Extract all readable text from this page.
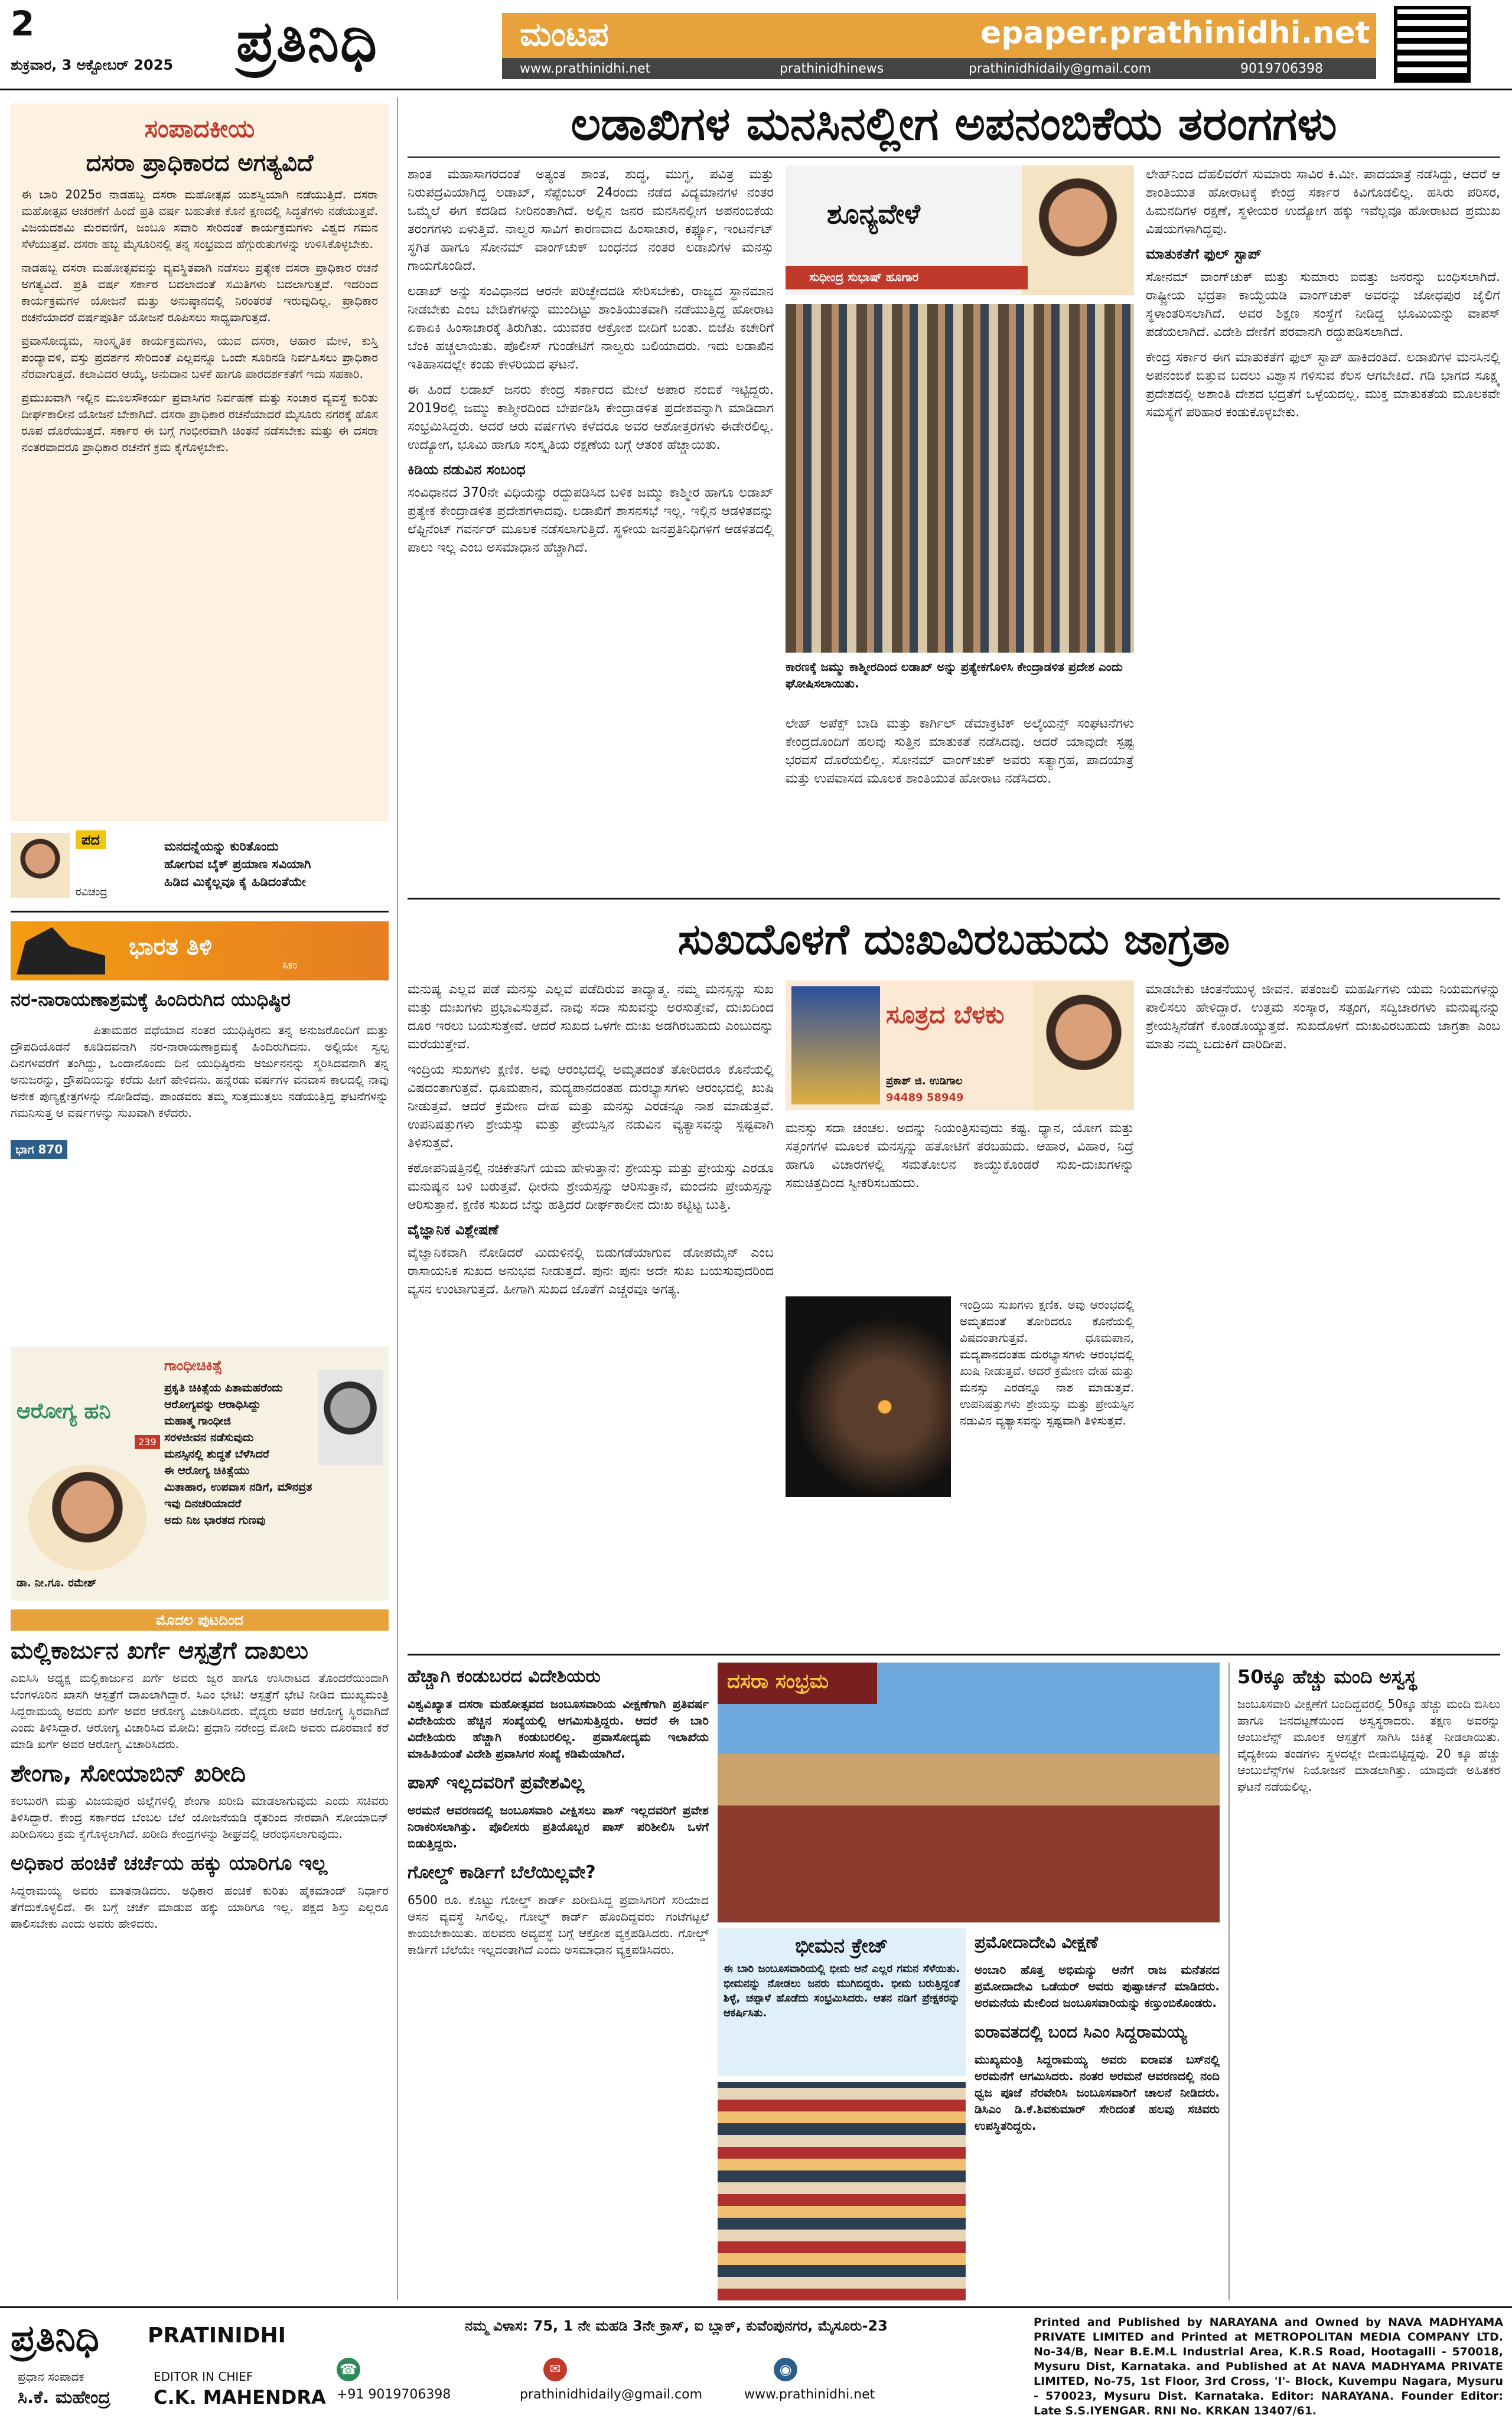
2
ಶುಕ್ರವಾರ, 3 ಅಕ್ಟೋಬರ್ 2025	ಪ್ರತಿನಿಧಿ	ಮಂಟಪ	epaper.prathinidhi.net
www.prathinidhi.net	prathinidhinews	prathinidhidaily@gmail.com	9019706398
ಸಂಪಾದಕೀಯ
ದಸರಾ ಪ್ರಾಧಿಕಾರದ ಅಗತ್ಯವಿದೆ

ಈ ಬಾರಿ 2025ರ ನಾಡಹಬ್ಬ ದಸರಾ ಮಹೋತ್ಸವ ಯಶಸ್ವಿಯಾಗಿ ನಡೆಯುತ್ತಿದೆ. ದಸರಾ ಮಹೋತ್ಸವ ಆಚರಣೆಗೆ ಹಿಂದೆ ಪ್ರತಿ ವರ್ಷ ಬಹುತೇಕ ಕೊನೆ ಕ್ಷಣದಲ್ಲಿ ಸಿದ್ಧತೆಗಳು ನಡೆಯುತ್ತವೆ. ವಿಜಯದಶಮಿ ಮೆರವಣಿಗೆ, ಜಂಬೂ ಸವಾರಿ ಸೇರಿದಂತೆ ಕಾರ್ಯಕ್ರಮಗಳು ವಿಶ್ವದ ಗಮನ ಸೆಳೆಯುತ್ತವೆ. ದಸರಾ ಹಬ್ಬ ಮೈಸೂರಿನಲ್ಲಿ ತನ್ನ ಸಂಭ್ರಮದ ಹೆಗ್ಗುರುತುಗಳನ್ನು ಉಳಿಸಿಕೊಳ್ಳಬೇಕು.

ನಾಡಹಬ್ಬ ದಸರಾ ಮಹೋತ್ಸವವನ್ನು ವ್ಯವಸ್ಥಿತವಾಗಿ ನಡೆಸಲು ಪ್ರತ್ಯೇಕ ದಸರಾ ಪ್ರಾಧಿಕಾರ ರಚನೆ ಅಗತ್ಯವಿದೆ. ಪ್ರತಿ ವರ್ಷ ಸರ್ಕಾರ ಬದಲಾದಂತೆ ಸಮಿತಿಗಳು ಬದಲಾಗುತ್ತವೆ. ಇದರಿಂದ ಕಾರ್ಯಕ್ರಮಗಳ ಯೋಜನೆ ಮತ್ತು ಅನುಷ್ಠಾನದಲ್ಲಿ ನಿರಂತರತೆ ಇರುವುದಿಲ್ಲ. ಪ್ರಾಧಿಕಾರ ರಚನೆಯಾದರೆ ವರ್ಷಪೂರ್ತಿ ಯೋಜನೆ ರೂಪಿಸಲು ಸಾಧ್ಯವಾಗುತ್ತದೆ.

ಪ್ರವಾಸೋದ್ಯಮ, ಸಾಂಸ್ಕೃತಿಕ ಕಾರ್ಯಕ್ರಮಗಳು, ಯುವ ದಸರಾ, ಆಹಾರ ಮೇಳ, ಕುಸ್ತಿ ಪಂದ್ಯಾವಳಿ, ವಸ್ತು ಪ್ರದರ್ಶನ ಸೇರಿದಂತೆ ಎಲ್ಲವನ್ನೂ ಒಂದೇ ಸೂರಿನಡಿ ನಿರ್ವಹಿಸಲು ಪ್ರಾಧಿಕಾರ ನೆರವಾಗುತ್ತದೆ. ಕಲಾವಿದರ ಆಯ್ಕೆ, ಅನುದಾನ ಬಳಕೆ ಹಾಗೂ ಪಾರದರ್ಶಕತೆಗೆ ಇದು ಸಹಕಾರಿ.

ಪ್ರಮುಖವಾಗಿ ಇಲ್ಲಿನ ಮೂಲಸೌಕರ್ಯ ಪ್ರವಾಸಿಗರ ನಿರ್ವಹಣೆ ಮತ್ತು ಸಂಚಾರ ವ್ಯವಸ್ಥೆ ಕುರಿತು ದೀರ್ಘಕಾಲೀನ ಯೋಜನೆ ಬೇಕಾಗಿದೆ. ದಸರಾ ಪ್ರಾಧಿಕಾರ ರಚನೆಯಾದರೆ ಮೈಸೂರು ನಗರಕ್ಕೆ ಹೊಸ ರೂಪ ದೊರೆಯುತ್ತದೆ. ಸರ್ಕಾರ ಈ ಬಗ್ಗೆ ಗಂಭೀರವಾಗಿ ಚಿಂತನೆ ನಡೆಸಬೇಕು ಮತ್ತು ಈ ದಸರಾ ನಂತರವಾದರೂ ಪ್ರಾಧಿಕಾರ ರಚನೆಗೆ ಕ್ರಮ ಕೈಗೊಳ್ಳಬೇಕು.

ಪದ
ರವಿಚಂದ್ರ
ಮನದನ್ನೆಯನ್ನು ಕುರಿತೊಂದು
ಹೋಗುವ ಬೈಕ್ ಪ್ರಯಾಣ ಸವಿಯಾಗಿ
ಹಿಡಿದ ಮಿಕ್ಕೆಲ್ಲವೂ ಕೈ ಹಿಡಿದಂತೆಯೇ
ಭಾರತ ತಿಳಿ
ಸಿಕಂ
ನರ-ನಾರಾಯಣಾಶ್ರಮಕ್ಕೆ ಹಿಂದಿರುಗಿದ ಯುಧಿಷ್ಠಿರ
ಭಾಗ 870

ಪಿತಾಮಹರ ವಧೆಯಾದ ನಂತರ ಯುಧಿಷ್ಠಿರನು ತನ್ನ ಅನುಜರೊಂದಿಗೆ ಮತ್ತು ದ್ರೌಪದಿಯೊಡನೆ ಕೂಡಿದವನಾಗಿ ನರ-ನಾರಾಯಣಾಶ್ರಮಕ್ಕೆ ಹಿಂದಿರುಗಿದನು. ಅಲ್ಲಿಯೇ ಸ್ವಲ್ಪ ದಿನಗಳವರೆಗೆ ತಂಗಿದ್ದು, ಒಂದಾನೊಂದು ದಿನ ಯುಧಿಷ್ಠಿರನು ಅರ್ಜುನನನ್ನು ಸ್ಮರಿಸಿದವನಾಗಿ ತನ್ನ ಅನುಜರನ್ನು, ದ್ರೌಪದಿಯನ್ನು ಕರೆದು ಹೀಗೆ ಹೇಳಿದನು. ಹನ್ನೆರಡು ವರ್ಷಗಳ ವನವಾಸ ಕಾಲದಲ್ಲಿ ನಾವು ಅನೇಕ ಪುಣ್ಯಕ್ಷೇತ್ರಗಳನ್ನು ನೋಡಿದೆವು. ಪಾಂಡವರು ತಮ್ಮ ಸುತ್ತಮುತ್ತಲು ನಡೆಯುತ್ತಿದ್ದ ಘಟನೆಗಳನ್ನು ಗಮನಿಸುತ್ತ ಆ ವರ್ಷಗಳನ್ನು ಸುಖವಾಗಿ ಕಳೆದರು.

ಆರೋಗ್ಯ ಹನಿ
239
ಡಾ. ನೀ.ಗೂ. ರಮೇಶ್
ಗಾಂಧೀಚಿಕಿತ್ಸೆ
ಪ್ರಕೃತಿ ಚಿಕಿತ್ಸೆಯ ಪಿತಾಮಹರೆಂದು
ಆರೋಗ್ಯವನ್ನು ಆರಾಧಿಸಿದ್ದು
ಮಹಾತ್ಮ ಗಾಂಧೀಜಿ
ಸರಳಜೀವನ ನಡೆಸುವುದು
ಮನಸ್ಸಿನಲ್ಲಿ ಶುದ್ಧತೆ ಬೆಳೆಸಿದರೆ
ಈ ಆರೋಗ್ಯ ಚಿಕಿತ್ಸೆಯು
ಮಿತಾಹಾರ, ಉಪವಾಸ ನಡಿಗೆ, ಮೌನವ್ರತ
ಇವು ದಿನಚರಿಯಾದರೆ
ಅದು ನಿಜ ಭಾರತದ ಗುಣವು
ಮೊದಲ ಪುಟದಿಂದ
ಮಲ್ಲಿಕಾರ್ಜುನ ಖರ್ಗೆ ಆಸ್ಪತ್ರೆಗೆ ದಾಖಲು

ಎಐಸಿಸಿ ಅಧ್ಯಕ್ಷ ಮಲ್ಲಿಕಾರ್ಜುನ ಖರ್ಗೆ ಅವರು ಜ್ವರ ಹಾಗೂ ಉಸಿರಾಟದ ತೊಂದರೆಯಿಂದಾಗಿ ಬೆಂಗಳೂರಿನ ಖಾಸಗಿ ಆಸ್ಪತ್ರೆಗೆ ದಾಖಲಾಗಿದ್ದಾರೆ. ಸಿಎಂ ಭೇಟಿ: ಆಸ್ಪತ್ರೆಗೆ ಭೇಟಿ ನೀಡಿದ ಮುಖ್ಯಮಂತ್ರಿ ಸಿದ್ದರಾಮಯ್ಯ ಅವರು ಖರ್ಗೆ ಅವರ ಆರೋಗ್ಯ ವಿಚಾರಿಸಿದರು. ವೈದ್ಯರು ಅವರ ಆರೋಗ್ಯ ಸ್ಥಿರವಾಗಿದೆ ಎಂದು ತಿಳಿಸಿದ್ದಾರೆ. ಆರೋಗ್ಯ ವಿಚಾರಿಸಿದ ಮೋದಿ: ಪ್ರಧಾನಿ ನರೇಂದ್ರ ಮೋದಿ ಅವರು ದೂರವಾಣಿ ಕರೆ ಮಾಡಿ ಖರ್ಗೆ ಅವರ ಆರೋಗ್ಯ ವಿಚಾರಿಸಿದರು.

ಶೇಂಗಾ, ಸೋಯಾಬಿನ್ ಖರೀದಿ

ಕಲಬುರಗಿ ಮತ್ತು ವಿಜಯಪುರ ಜಿಲ್ಲೆಗಳಲ್ಲಿ ಶೇಂಗಾ ಖರೀದಿ ಮಾಡಲಾಗುವುದು ಎಂದು ಸಚಿವರು ತಿಳಿಸಿದ್ದಾರೆ. ಕೇಂದ್ರ ಸರ್ಕಾರದ ಬೆಂಬಲ ಬೆಲೆ ಯೋಜನೆಯಡಿ ರೈತರಿಂದ ನೇರವಾಗಿ ಸೋಯಾಬಿನ್ ಖರೀದಿಸಲು ಕ್ರಮ ಕೈಗೊಳ್ಳಲಾಗಿದೆ. ಖರೀದಿ ಕೇಂದ್ರಗಳನ್ನು ಶೀಘ್ರದಲ್ಲಿ ಆರಂಭಿಸಲಾಗುವುದು.

ಅಧಿಕಾರ ಹಂಚಿಕೆ ಚರ್ಚೆಯ ಹಕ್ಕು ಯಾರಿಗೂ ಇಲ್ಲ

ಸಿದ್ದರಾಮಯ್ಯ ಅವರು ಮಾತನಾಡಿದರು. ಅಧಿಕಾರ ಹಂಚಿಕೆ ಕುರಿತು ಹೈಕಮಾಂಡ್ ನಿರ್ಧಾರ ತೆಗೆದುಕೊಳ್ಳಲಿದೆ. ಈ ಬಗ್ಗೆ ಚರ್ಚೆ ಮಾಡುವ ಹಕ್ಕು ಯಾರಿಗೂ ಇಲ್ಲ. ಪಕ್ಷದ ಶಿಸ್ತು ಎಲ್ಲರೂ ಪಾಲಿಸಬೇಕು ಎಂದು ಅವರು ಹೇಳಿದರು.

ಲಡಾಖಿಗಳ ಮನಸಿನಲ್ಲೀಗ ಅಪನಂಬಿಕೆಯ ತರಂಗಗಳು

ಶಾಂತ ಮಹಾಸಾಗರದಂತೆ ಅತ್ಯಂತ ಶಾಂತ, ಶುದ್ಧ, ಮುಗ್ಧ, ಪವಿತ್ರ ಮತ್ತು ನಿರುಪದ್ರವಿಯಾಗಿದ್ದ ಲಡಾಖ್, ಸೆಪ್ಟೆಂಬರ್ 24ರಂದು ನಡೆದ ವಿದ್ಯಮಾನಗಳ ನಂತರ ಒಮ್ಮೆಲೆ ಈಗ ಕದಡಿದ ನೀರಿನಂತಾಗಿದೆ. ಅಲ್ಲಿನ ಜನರ ಮನಸಿನಲ್ಲೀಗ ಅಪನಂಬಿಕೆಯ ತರಂಗಗಳು ಏಳುತ್ತಿವೆ. ನಾಲ್ವರ ಸಾವಿಗೆ ಕಾರಣವಾದ ಹಿಂಸಾಚಾರ, ಕರ್ಫ್ಯೂ, ಇಂಟರ್ನೆಟ್ ಸ್ಥಗಿತ ಹಾಗೂ ಸೋನಮ್ ವಾಂಗ್‌ಚುಕ್ ಬಂಧನದ ನಂತರ ಲಡಾಖಿಗಳ ಮನಸ್ಸು ಗಾಯಗೊಂಡಿದೆ.

ಲಡಾಖ್ ಅನ್ನು ಸಂವಿಧಾನದ ಆರನೇ ಪರಿಚ್ಛೇದದಡಿ ಸೇರಿಸಬೇಕು, ರಾಜ್ಯದ ಸ್ಥಾನಮಾನ ನೀಡಬೇಕು ಎಂಬ ಬೇಡಿಕೆಗಳನ್ನು ಮುಂದಿಟ್ಟು ಶಾಂತಿಯುತವಾಗಿ ನಡೆಯುತ್ತಿದ್ದ ಹೋರಾಟ ಏಕಾಏಕಿ ಹಿಂಸಾಚಾರಕ್ಕೆ ತಿರುಗಿತು. ಯುವಕರ ಆಕ್ರೋಶ ಬೀದಿಗೆ ಬಂತು. ಬಿಜೆಪಿ ಕಚೇರಿಗೆ ಬೆಂಕಿ ಹಚ್ಚಲಾಯಿತು. ಪೊಲೀಸ್ ಗುಂಡೇಟಿಗೆ ನಾಲ್ವರು ಬಲಿಯಾದರು. ಇದು ಲಡಾಖಿನ ಇತಿಹಾಸದಲ್ಲೇ ಕಂಡು ಕೇಳರಿಯದ ಘಟನೆ.

ಈ ಹಿಂದೆ ಲಡಾಖ್ ಜನರು ಕೇಂದ್ರ ಸರ್ಕಾರದ ಮೇಲೆ ಅಪಾರ ನಂಬಿಕೆ ಇಟ್ಟಿದ್ದರು. 2019ರಲ್ಲಿ ಜಮ್ಮು ಕಾಶ್ಮೀರದಿಂದ ಬೇರ್ಪಡಿಸಿ ಕೇಂದ್ರಾಡಳಿತ ಪ್ರದೇಶವನ್ನಾಗಿ ಮಾಡಿದಾಗ ಸಂಭ್ರಮಿಸಿದ್ದರು. ಆದರೆ ಆರು ವರ್ಷಗಳು ಕಳೆದರೂ ಅವರ ಆಶೋತ್ತರಗಳು ಈಡೇರಲಿಲ್ಲ. ಉದ್ಯೋಗ, ಭೂಮಿ ಹಾಗೂ ಸಂಸ್ಕೃತಿಯ ರಕ್ಷಣೆಯ ಬಗ್ಗೆ ಆತಂಕ ಹೆಚ್ಚಾಯಿತು.

ಕಿಡಿಯ ನಡುವಿನ ಸಂಬಂಧ

ಸಂವಿಧಾನದ 370ನೇ ವಿಧಿಯನ್ನು ರದ್ದುಪಡಿಸಿದ ಬಳಿಕ ಜಮ್ಮು ಕಾಶ್ಮೀರ ಹಾಗೂ ಲಡಾಖ್ ಪ್ರತ್ಯೇಕ ಕೇಂದ್ರಾಡಳಿತ ಪ್ರದೇಶಗಳಾದವು. ಲಡಾಖಿಗೆ ಶಾಸನಸಭೆ ಇಲ್ಲ. ಇಲ್ಲಿನ ಆಡಳಿತವನ್ನು ಲೆಫ್ಟಿನೆಂಟ್ ಗವರ್ನರ್ ಮೂಲಕ ನಡೆಸಲಾಗುತ್ತಿದೆ. ಸ್ಥಳೀಯ ಜನಪ್ರತಿನಿಧಿಗಳಿಗೆ ಆಡಳಿತದಲ್ಲಿ ಪಾಲು ಇಲ್ಲ ಎಂಬ ಅಸಮಾಧಾನ ಹೆಚ್ಚಾಗಿದೆ.

ಶೂನ್ಯವೇಳೆ
ಸುಧೀಂದ್ರ ಸುಭಾಷ್ ಹೂಗಾರ
ಕಾರಣಕ್ಕೆ ಜಮ್ಮು ಕಾಶ್ಮೀರದಿಂದ ಲಡಾಖ್ ಅನ್ನು ಪ್ರತ್ಯೇಕಗೊಳಿಸಿ ಕೇಂದ್ರಾಡಳಿತ ಪ್ರದೇಶ ಎಂದು ಘೋಷಿಸಲಾಯಿತು.

ಲೇಹ್ ಅಪೆಕ್ಸ್ ಬಾಡಿ ಮತ್ತು ಕಾರ್ಗಿಲ್ ಡೆಮಾಕ್ರಟಿಕ್ ಅಲೈಯನ್ಸ್ ಸಂಘಟನೆಗಳು ಕೇಂದ್ರದೊಂದಿಗೆ ಹಲವು ಸುತ್ತಿನ ಮಾತುಕತೆ ನಡೆಸಿದವು. ಆದರೆ ಯಾವುದೇ ಸ್ಪಷ್ಟ ಭರವಸೆ ದೊರೆಯಲಿಲ್ಲ. ಸೋನಮ್ ವಾಂಗ್‌ಚುಕ್ ಅವರು ಸತ್ಯಾಗ್ರಹ, ಪಾದಯಾತ್ರೆ ಮತ್ತು ಉಪವಾಸದ ಮೂಲಕ ಶಾಂತಿಯುತ ಹೋರಾಟ ನಡೆಸಿದರು.

ಲೇಹ್‌ನಿಂದ ದೆಹಲಿವರೆಗೆ ಸುಮಾರು ಸಾವಿರ ಕಿ.ಮೀ. ಪಾದಯಾತ್ರೆ ನಡೆಸಿದ್ದು, ಆದರೆ ಆ ಶಾಂತಿಯುತ ಹೋರಾಟಕ್ಕೆ ಕೇಂದ್ರ ಸರ್ಕಾರ ಕಿವಿಗೊಡಲಿಲ್ಲ. ಹಸಿರು ಪರಿಸರ, ಹಿಮನದಿಗಳ ರಕ್ಷಣೆ, ಸ್ಥಳೀಯರ ಉದ್ಯೋಗ ಹಕ್ಕು ಇವೆಲ್ಲವೂ ಹೋರಾಟದ ಪ್ರಮುಖ ವಿಷಯಗಳಾಗಿದ್ದವು.

ಮಾತುಕತೆಗೆ ಫುಲ್ ಸ್ಟಾಪ್

ಸೋನಮ್ ವಾಂಗ್‌ಚುಕ್ ಮತ್ತು ಸುಮಾರು ಐವತ್ತು ಜನರನ್ನು ಬಂಧಿಸಲಾಗಿದೆ. ರಾಷ್ಟ್ರೀಯ ಭದ್ರತಾ ಕಾಯ್ದೆಯಡಿ ವಾಂಗ್‌ಚುಕ್ ಅವರನ್ನು ಜೋಧಪುರ ಜೈಲಿಗೆ ಸ್ಥಳಾಂತರಿಸಲಾಗಿದೆ. ಅವರ ಶಿಕ್ಷಣ ಸಂಸ್ಥೆಗೆ ನೀಡಿದ್ದ ಭೂಮಿಯನ್ನು ವಾಪಸ್ ಪಡೆಯಲಾಗಿದೆ. ವಿದೇಶಿ ದೇಣಿಗೆ ಪರವಾನಗಿ ರದ್ದುಪಡಿಸಲಾಗಿದೆ.

ಕೇಂದ್ರ ಸರ್ಕಾರ ಈಗ ಮಾತುಕತೆಗೆ ಫುಲ್ ಸ್ಟಾಪ್ ಹಾಕಿದಂತಿದೆ. ಲಡಾಖಿಗಳ ಮನಸಿನಲ್ಲಿ ಅಪನಂಬಿಕೆ ಬಿತ್ತುವ ಬದಲು ವಿಶ್ವಾಸ ಗಳಿಸುವ ಕೆಲಸ ಆಗಬೇಕಿದೆ. ಗಡಿ ಭಾಗದ ಸೂಕ್ಷ್ಮ ಪ್ರದೇಶದಲ್ಲಿ ಅಶಾಂತಿ ದೇಶದ ಭದ್ರತೆಗೆ ಒಳ್ಳೆಯದಲ್ಲ. ಮುಕ್ತ ಮಾತುಕತೆಯ ಮೂಲಕವೇ ಸಮಸ್ಯೆಗೆ ಪರಿಹಾರ ಕಂಡುಕೊಳ್ಳಬೇಕು.

ಸುಖದೊಳಗೆ ದುಃಖವಿರಬಹುದು ಜಾಗ್ರತಾ

ಮನುಷ್ಯ ಎಲ್ಲವ ಪಡೆ ಮನಸ್ಸು ಎಲ್ಲವೆ ಪಡೆದಿರುವ ತಾದ್ಯಾತ್ಮ. ನಮ್ಮ ಮನಸ್ಸನ್ನು ಸುಖ ಮತ್ತು ದುಃಖಗಳು ಪ್ರಭಾವಿಸುತ್ತವೆ. ನಾವು ಸದಾ ಸುಖವನ್ನು ಅರಸುತ್ತೇವೆ, ದುಃಖದಿಂದ ದೂರ ಇರಲು ಬಯಸುತ್ತೇವೆ. ಆದರೆ ಸುಖದ ಒಳಗೇ ದುಃಖ ಅಡಗಿರಬಹುದು ಎಂಬುದನ್ನು ಮರೆಯುತ್ತೇವೆ.

ಇಂದ್ರಿಯ ಸುಖಗಳು ಕ್ಷಣಿಕ. ಅವು ಆರಂಭದಲ್ಲಿ ಅಮೃತದಂತೆ ತೋರಿದರೂ ಕೊನೆಯಲ್ಲಿ ವಿಷದಂತಾಗುತ್ತವೆ. ಧೂಮಪಾನ, ಮದ್ಯಪಾನದಂತಹ ದುರಭ್ಯಾಸಗಳು ಆರಂಭದಲ್ಲಿ ಖುಷಿ ನೀಡುತ್ತವೆ. ಆದರೆ ಕ್ರಮೇಣ ದೇಹ ಮತ್ತು ಮನಸ್ಸು ಎರಡನ್ನೂ ನಾಶ ಮಾಡುತ್ತವೆ. ಉಪನಿಷತ್ತುಗಳು ಶ್ರೇಯಸ್ಸು ಮತ್ತು ಪ್ರೇಯಸ್ಸಿನ ನಡುವಿನ ವ್ಯತ್ಯಾಸವನ್ನು ಸ್ಪಷ್ಟವಾಗಿ ತಿಳಿಸುತ್ತವೆ.

ಕಠೋಪನಿಷತ್ತಿನಲ್ಲಿ ನಚಿಕೇತನಿಗೆ ಯಮ ಹೇಳುತ್ತಾನೆ: ಶ್ರೇಯಸ್ಸು ಮತ್ತು ಪ್ರೇಯಸ್ಸು ಎರಡೂ ಮನುಷ್ಯನ ಬಳಿ ಬರುತ್ತವೆ. ಧೀರನು ಶ್ರೇಯಸ್ಸನ್ನು ಆರಿಸುತ್ತಾನೆ, ಮಂದನು ಪ್ರೇಯಸ್ಸನ್ನು ಆರಿಸುತ್ತಾನೆ. ಕ್ಷಣಿಕ ಸುಖದ ಬೆನ್ನು ಹತ್ತಿದರೆ ದೀರ್ಘಕಾಲೀನ ದುಃಖ ಕಟ್ಟಿಟ್ಟ ಬುತ್ತಿ.

ವೈಜ್ಞಾನಿಕ ವಿಶ್ಲೇಷಣೆ

ವೈಜ್ಞಾನಿಕವಾಗಿ ನೋಡಿದರೆ ಮಿದುಳಿನಲ್ಲಿ ಬಿಡುಗಡೆಯಾಗುವ ಡೋಪಮೈನ್ ಎಂಬ ರಾಸಾಯನಿಕ ಸುಖದ ಅನುಭವ ನೀಡುತ್ತದೆ. ಪುನಃ ಪುನಃ ಅದೇ ಸುಖ ಬಯಸುವುದರಿಂದ ವ್ಯಸನ ಉಂಟಾಗುತ್ತದೆ. ಹೀಗಾಗಿ ಸುಖದ ಜೊತೆಗೆ ಎಚ್ಚರವೂ ಅಗತ್ಯ.

ಸೂತ್ರದ ಬೆಳಕು
ಪ್ರಕಾಶ್ ಜಿ. ಉಡಿಗಾಲ
94489 58949

ಮನಸ್ಸು ಸದಾ ಚಂಚಲ. ಅದನ್ನು ನಿಯಂತ್ರಿಸುವುದು ಕಷ್ಟ. ಧ್ಯಾನ, ಯೋಗ ಮತ್ತು ಸತ್ಸಂಗಗಳ ಮೂಲಕ ಮನಸ್ಸನ್ನು ಹತೋಟಿಗೆ ತರಬಹುದು. ಆಹಾರ, ವಿಹಾರ, ನಿದ್ರೆ ಹಾಗೂ ವಿಚಾರಗಳಲ್ಲಿ ಸಮತೋಲನ ಕಾಯ್ದುಕೊಂಡರೆ ಸುಖ-ದುಃಖಗಳನ್ನು ಸಮಚಿತ್ತದಿಂದ ಸ್ವೀಕರಿಸಬಹುದು.

ಇಂದ್ರಿಯ ಸುಖಗಳು ಕ್ಷಣಿಕ. ಅವು ಆರಂಭದಲ್ಲಿ ಅಮೃತದಂತೆ ತೋರಿದರೂ ಕೊನೆಯಲ್ಲಿ ವಿಷದಂತಾಗುತ್ತವೆ. ಧೂಮಪಾನ, ಮದ್ಯಪಾನದಂತಹ ದುರಭ್ಯಾಸಗಳು ಆರಂಭದಲ್ಲಿ ಖುಷಿ ನೀಡುತ್ತವೆ. ಆದರೆ ಕ್ರಮೇಣ ದೇಹ ಮತ್ತು ಮನಸ್ಸು ಎರಡನ್ನೂ ನಾಶ ಮಾಡುತ್ತವೆ. ಉಪನಿಷತ್ತುಗಳು ಶ್ರೇಯಸ್ಸು ಮತ್ತು ಪ್ರೇಯಸ್ಸಿನ ನಡುವಿನ ವ್ಯತ್ಯಾಸವನ್ನು ಸ್ಪಷ್ಟವಾಗಿ ತಿಳಿಸುತ್ತವೆ.

ಮಾಡಬೇಕು ಚಿಂತನೆಯುಳ್ಳ ಜೀವನ. ಪತಂಜಲಿ ಮಹರ್ಷಿಗಳು ಯಮ ನಿಯಮಗಳನ್ನು ಪಾಲಿಸಲು ಹೇಳಿದ್ದಾರೆ. ಉತ್ತಮ ಸಂಸ್ಕಾರ, ಸತ್ಸಂಗ, ಸದ್ವಿಚಾರಗಳು ಮನುಷ್ಯನನ್ನು ಶ್ರೇಯಸ್ಸಿನೆಡೆಗೆ ಕೊಂಡೊಯ್ಯುತ್ತವೆ. ಸುಖದೊಳಗೆ ದುಃಖವಿರಬಹುದು ಜಾಗ್ರತಾ ಎಂಬ ಮಾತು ನಮ್ಮ ಬದುಕಿಗೆ ದಾರಿದೀಪ.

ಹೆಚ್ಚಾಗಿ ಕಂಡುಬರದ ವಿದೇಶಿಯರು

ವಿಶ್ವವಿಖ್ಯಾತ ದಸರಾ ಮಹೋತ್ಸವದ ಜಂಬೂಸವಾರಿಯ ವೀಕ್ಷಣೆಗಾಗಿ ಪ್ರತಿವರ್ಷ ವಿದೇಶಿಯರು ಹೆಚ್ಚಿನ ಸಂಖ್ಯೆಯಲ್ಲಿ ಆಗಮಿಸುತ್ತಿದ್ದರು. ಆದರೆ ಈ ಬಾರಿ ವಿದೇಶಿಯರು ಹೆಚ್ಚಾಗಿ ಕಂಡುಬರಲಿಲ್ಲ. ಪ್ರವಾಸೋದ್ಯಮ ಇಲಾಖೆಯ ಮಾಹಿತಿಯಂತೆ ವಿದೇಶಿ ಪ್ರವಾಸಿಗರ ಸಂಖ್ಯೆ ಕಡಿಮೆಯಾಗಿದೆ.

ಪಾಸ್ ಇಲ್ಲದವರಿಗೆ ಪ್ರವೇಶವಿಲ್ಲ

ಅರಮನೆ ಆವರಣದಲ್ಲಿ ಜಂಬೂಸವಾರಿ ವೀಕ್ಷಿಸಲು ಪಾಸ್ ಇಲ್ಲದವರಿಗೆ ಪ್ರವೇಶ ನಿರಾಕರಿಸಲಾಗಿತ್ತು. ಪೊಲೀಸರು ಪ್ರತಿಯೊಬ್ಬರ ಪಾಸ್ ಪರಿಶೀಲಿಸಿ ಒಳಗೆ ಬಿಡುತ್ತಿದ್ದರು.

ಗೋಲ್ಡ್ ಕಾರ್ಡಿಗೆ ಬೆಲೆಯಿಲ್ಲವೇ?

6500 ರೂ. ಕೊಟ್ಟು ಗೋಲ್ಡ್ ಕಾರ್ಡ್ ಖರೀದಿಸಿದ್ದ ಪ್ರವಾಸಿಗರಿಗೆ ಸರಿಯಾದ ಆಸನ ವ್ಯವಸ್ಥೆ ಸಿಗಲಿಲ್ಲ. ಗೋಲ್ಡ್ ಕಾರ್ಡ್ ಹೊಂದಿದ್ದವರು ಗಂಟೆಗಟ್ಟಲೆ ಕಾಯಬೇಕಾಯಿತು. ಹಲವರು ಅವ್ಯವಸ್ಥೆ ಬಗ್ಗೆ ಆಕ್ರೋಶ ವ್ಯಕ್ತಪಡಿಸಿದರು. ಗೋಲ್ಡ್ ಕಾರ್ಡಿಗೆ ಬೆಲೆಯೇ ಇಲ್ಲದಂತಾಗಿದೆ ಎಂದು ಅಸಮಾಧಾನ ವ್ಯಕ್ತಪಡಿಸಿದರು.

ದಸರಾ ಸಂಭ್ರಮ
ಭೀಮನ ಕ್ರೇಜ್

ಈ ಬಾರಿ ಜಂಬೂಸವಾರಿಯಲ್ಲಿ ಭೀಮ ಆನೆ ಎಲ್ಲರ ಗಮನ ಸೆಳೆಯಿತು. ಭೀಮನನ್ನು ನೋಡಲು ಜನರು ಮುಗಿಬಿದ್ದರು. ಭೀಮ ಬರುತ್ತಿದ್ದಂತೆ ಶಿಳ್ಳೆ, ಚಪ್ಪಾಳೆ ಹೊಡೆದು ಸಂಭ್ರಮಿಸಿದರು. ಆತನ ನಡಿಗೆ ಪ್ರೇಕ್ಷಕರನ್ನು ಆಕರ್ಷಿಸಿತು.

ಪ್ರಮೋದಾದೇವಿ ವೀಕ್ಷಣೆ

ಅಂಬಾರಿ ಹೊತ್ತ ಅಭಿಮನ್ಯು ಆನೆಗೆ ರಾಜ ಮನೆತನದ ಪ್ರಮೋದಾದೇವಿ ಒಡೆಯರ್ ಅವರು ಪುಷ್ಪಾರ್ಚನೆ ಮಾಡಿದರು. ಅರಮನೆಯ ಮೇಲಿಂದ ಜಂಬೂಸವಾರಿಯನ್ನು ಕಣ್ತುಂಬಿಕೊಂಡರು.

ಐರಾವತದಲ್ಲಿ ಬಂದ ಸಿಎಂ ಸಿದ್ದರಾಮಯ್ಯ

ಮುಖ್ಯಮಂತ್ರಿ ಸಿದ್ದರಾಮಯ್ಯ ಅವರು ಐರಾವತ ಬಸ್‌ನಲ್ಲಿ ಅರಮನೆಗೆ ಆಗಮಿಸಿದರು. ನಂತರ ಅರಮನೆ ಆವರಣದಲ್ಲಿ ನಂದಿ ಧ್ವಜ ಪೂಜೆ ನೆರವೇರಿಸಿ ಜಂಬೂಸವಾರಿಗೆ ಚಾಲನೆ ನೀಡಿದರು. ಡಿಸಿಎಂ ಡಿ.ಕೆ.ಶಿವಕುಮಾರ್ ಸೇರಿದಂತೆ ಹಲವು ಸಚಿವರು ಉಪಸ್ಥಿತರಿದ್ದರು.

50ಕ್ಕೂ ಹೆಚ್ಚು ಮಂದಿ ಅಸ್ವಸ್ಥ

ಜಂಬೂಸವಾರಿ ವೀಕ್ಷಣೆಗೆ ಬಂದಿದ್ದವರಲ್ಲಿ 50ಕ್ಕೂ ಹೆಚ್ಚು ಮಂದಿ ಬಿಸಿಲು ಹಾಗೂ ಜನದಟ್ಟಣೆಯಿಂದ ಅಸ್ವಸ್ಥರಾದರು. ತಕ್ಷಣ ಅವರನ್ನು ಆಂಬುಲೆನ್ಸ್ ಮೂಲಕ ಆಸ್ಪತ್ರೆಗೆ ಸಾಗಿಸಿ ಚಿಕಿತ್ಸೆ ನೀಡಲಾಯಿತು. ವೈದ್ಯಕೀಯ ತಂಡಗಳು ಸ್ಥಳದಲ್ಲೇ ಬೀಡುಬಿಟ್ಟಿದ್ದವು. 20 ಕ್ಕೂ ಹೆಚ್ಚು ಆಂಬುಲೆನ್ಸ್‌ಗಳ ನಿಯೋಜನೆ ಮಾಡಲಾಗಿತ್ತು. ಯಾವುದೇ ಅಹಿತಕರ ಘಟನೆ ನಡೆಯಲಿಲ್ಲ.

ಪ್ರತಿನಿಧಿ PRATINIDHI
ಪ್ರಧಾನ ಸಂಪಾದಕ
ಸಿ.ಕೆ. ಮಹೇಂದ್ರ
EDITOR IN CHIEF
C.K. MAHENDRA
ನಮ್ಮ ವಿಳಾಸ: 75, 1 ನೇ ಮಹಡಿ 3ನೇ ಕ್ರಾಸ್, ಐ ಬ್ಲಾಕ್, ಕುವೆಂಪುನಗರ, ಮೈಸೂರು-23
☎
+91 9019706398
✉
prathinidhidaily@gmail.com
◉
www.prathinidhi.net
Printed and Published by NARAYANA and Owned by NAVA MADHYAMA PRIVATE LIMITED and Printed at METROPOLITAN MEDIA COMPANY LTD. No-34/B, Near B.E.M.L Industrial Area, K.R.S Road, Hootagalli - 570018, Mysuru Dist, Karnataka. and Published at At NAVA MADHYAMA PRIVATE LIMITED, No-75, 1st Floor, 3rd Cross, 'I'- Block, Kuvempu Nagara, Mysuru - 570023, Mysuru Dist. Karnataka. Editor: NARAYANA. Founder Editor: Late S.S.IYENGAR. RNI No. KRKAN 13407/61.
